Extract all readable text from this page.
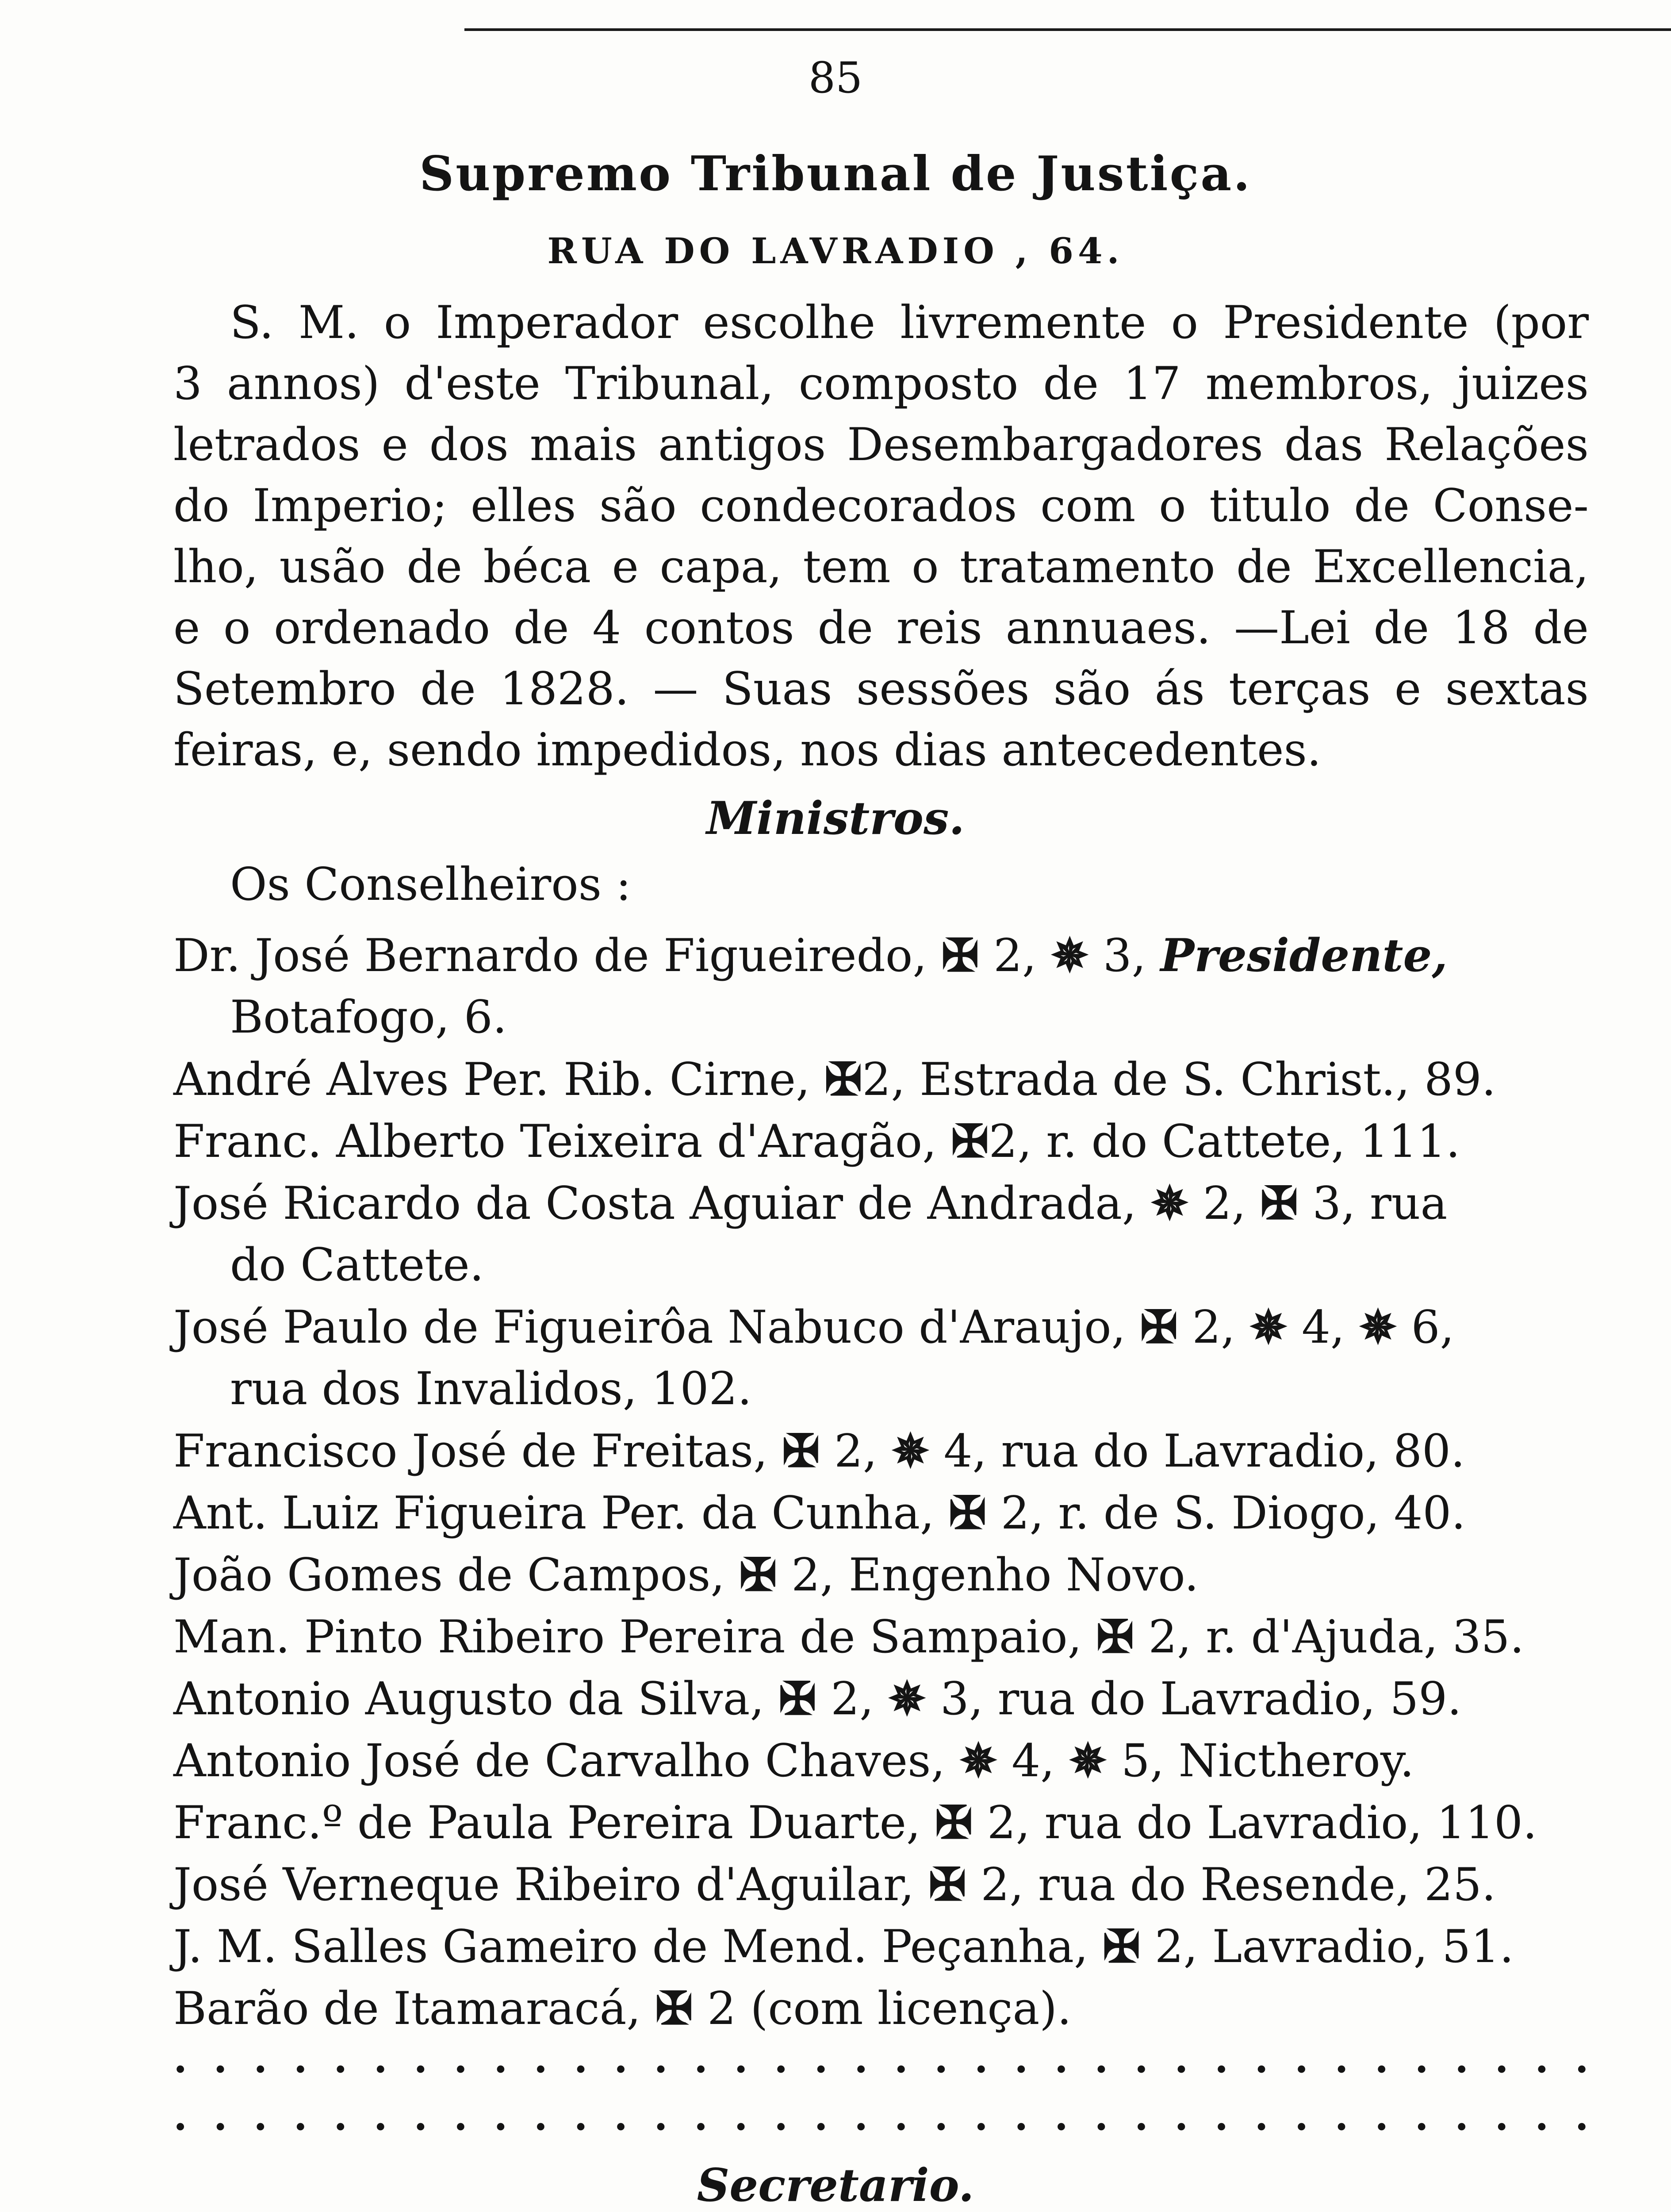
85
Supremo Tribunal de Justiça.
RUA DO LAVRADIO , 64.
S. M. o Imperador escolhe livremente o Presidente (por
3 annos) d'este Tribunal, composto de 17 membros, juizes
letrados e dos mais antigos Desembargadores das Relações
do Imperio; elles são condecorados com o titulo de Conse-
lho, usão de béca e capa, tem o tratamento de Excellencia,
e o ordenado de 4 contos de reis annuaes. —Lei de 18 de
Setembro de 1828. — Suas sessões são ás terças e sextas
feiras, e, sendo impedidos, nos dias antecedentes.
Ministros.
Os Conselheiros :
Dr. José Bernardo de Figueiredo, ✠ 2, ✵ 3, Presidente,
Botafogo, 6.
André Alves Per. Rib. Cirne, ✠2, Estrada de S. Christ., 89.
Franc. Alberto Teixeira d'Aragão, ✠2, r. do Cattete, 111.
José Ricardo da Costa Aguiar de Andrada, ✵ 2, ✠ 3, rua
do Cattete.
José Paulo de Figueirôa Nabuco d'Araujo, ✠ 2, ✵ 4, ✵ 6,
rua dos Invalidos, 102.
Francisco José de Freitas, ✠ 2, ✵ 4, rua do Lavradio, 80.
Ant. Luiz Figueira Per. da Cunha, ✠ 2, r. de S. Diogo, 40.
João Gomes de Campos, ✠ 2, Engenho Novo.
Man. Pinto Ribeiro Pereira de Sampaio, ✠ 2, r. d'Ajuda, 35.
Antonio Augusto da Silva, ✠ 2, ✵ 3, rua do Lavradio, 59.
Antonio José de Carvalho Chaves, ✵ 4, ✵ 5, Nictheroy.
Franc.º de Paula Pereira Duarte, ✠ 2, rua do Lavradio, 110.
José Verneque Ribeiro d'Aguilar, ✠ 2, rua do Resende, 25.
J. M. Salles Gameiro de Mend. Peçanha, ✠ 2, Lavradio, 51.
Barão de Itamaracá, ✠ 2 (com licença).
. . . . . . . . . . . . . . . . . . . . . . . . . . . . . . . . . . . .
. . . . . . . . . . . . . . . . . . . . . . . . . . . . . . . . . . . .
Secretario.
